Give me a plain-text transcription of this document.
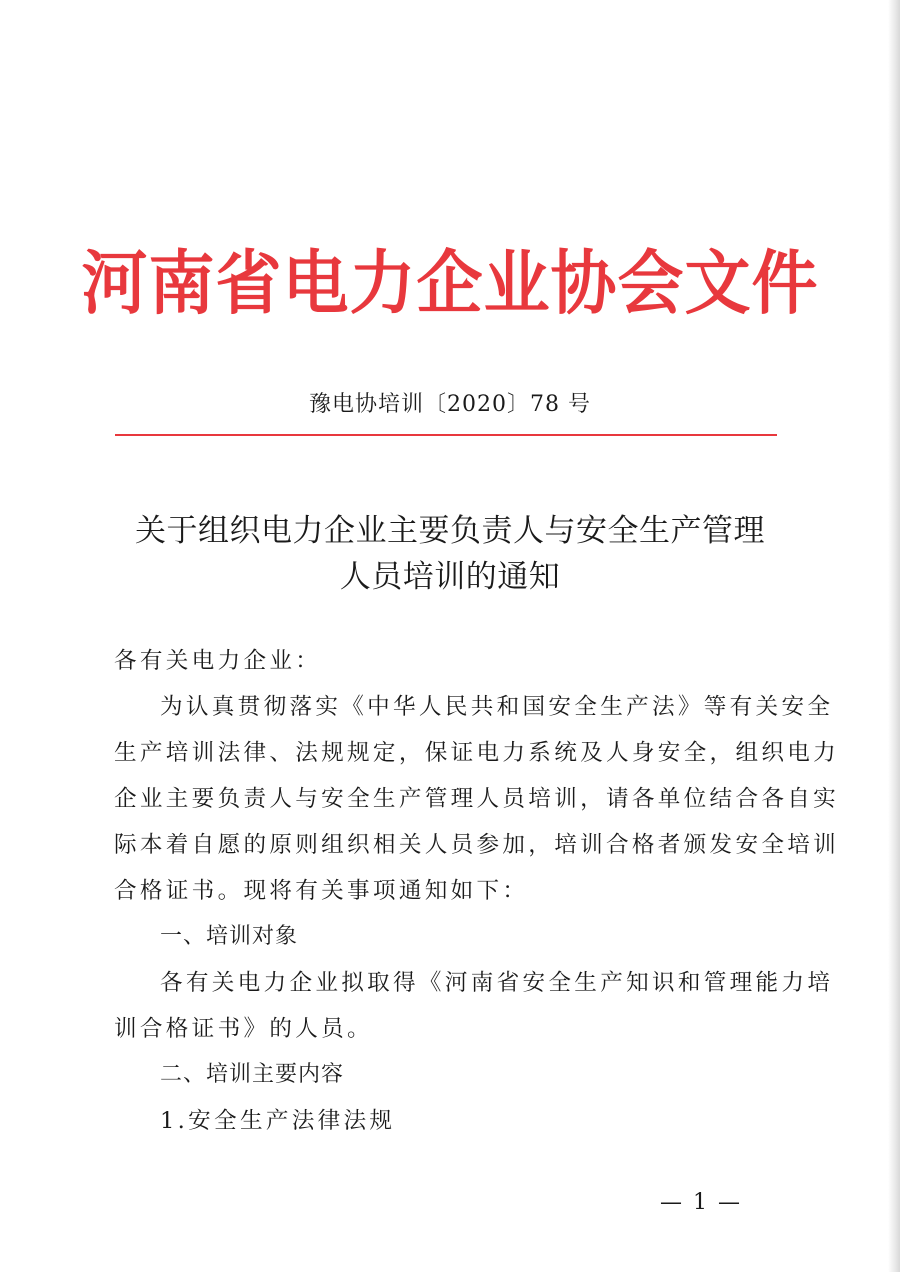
河南省电力企业协会文件
豫电协培训〔2020〕78 号
关于组织电力企业主要负责人与安全生产管理
人员培训的通知
各有关电力企业：
为认真贯彻落实《中华人民共和国安全生产法》等有关安全
生产培训法律、法规规定，保证电力系统及人身安全，组织电力
企业主要负责人与安全生产管理人员培训，请各单位结合各自实
际本着自愿的原则组织相关人员参加，培训合格者颁发安全培训
合格证书。现将有关事项通知如下：
一、培训对象
各有关电力企业拟取得《河南省安全生产知识和管理能力培
训合格证书》的人员。
二、培训主要内容
1.安全生产法律法规
— 1 —
